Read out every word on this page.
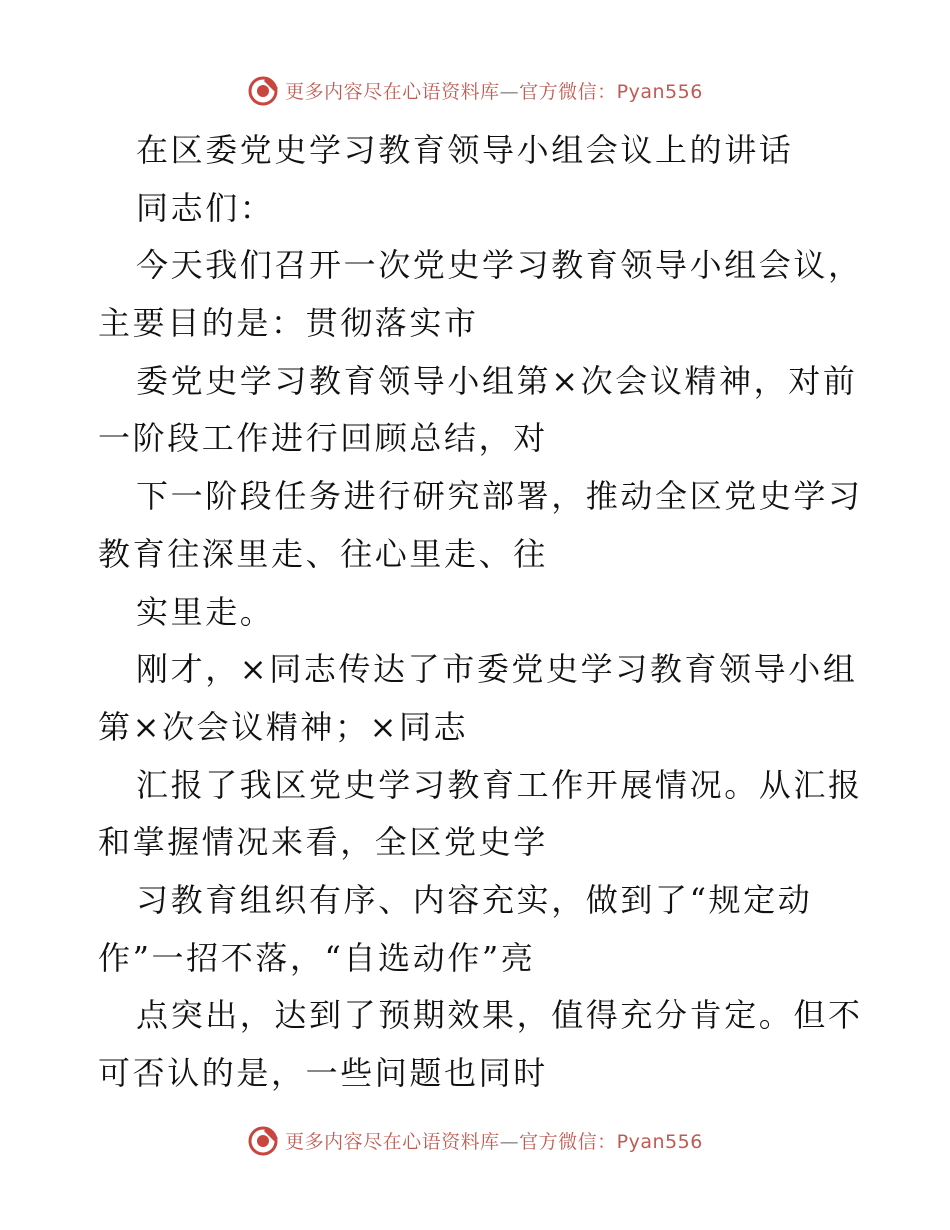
更多内容尽在心语资料库—官方微信：Pyan556
在区委党史学习教育领导小组会议上的讲话
同志们：
今天我们召开一次党史学习教育领导小组会议，
主要目的是：贯彻落实市
委党史学习教育领导小组第×次会议精神，对前
一阶段工作进行回顾总结，对
下一阶段任务进行研究部署，推动全区党史学习
教育往深里走、往心里走、往
实里走。
刚才，×同志传达了市委党史学习教育领导小组
第×次会议精神；×同志
汇报了我区党史学习教育工作开展情况。从汇报
和掌握情况来看，全区党史学
习教育组织有序、内容充实，做到了“规定动
作”一招不落，“自选动作”亮
点突出，达到了预期效果，值得充分肯定。但不
可否认的是，一些问题也同时
更多内容尽在心语资料库—官方微信：Pyan556
